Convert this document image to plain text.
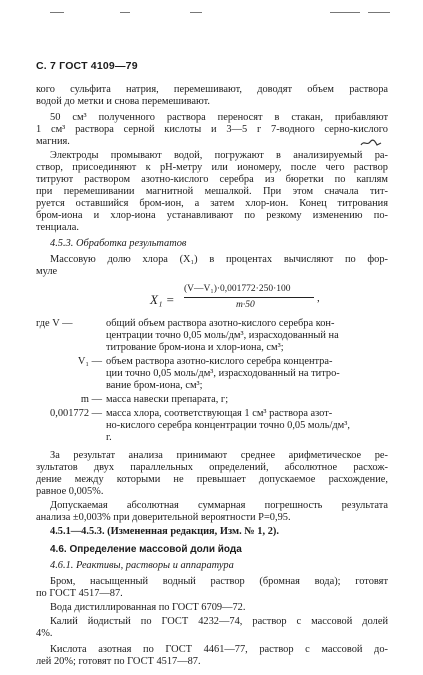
С. 7 ГОСТ 4109—79
кого сульфита натрия, перемешивают, доводят объем раствора
водой до метки и снова перемешивают.
50 см³ полученного раствора переносят в стакан, прибавляют
1 см³ раствора серной кислоты и 3—5 г 7-водного серно-кислого
магния.
Электроды промывают водой, погружают в анализируемый ра-
створ, присоединяют к рН-метру или иономеру, после чего раствор
титруют раствором азотно-кислого серебра из бюретки по каплям
при перемешивании магнитной мешалкой. При этом сначала тит-
руется оставшийся бром-ион, а затем хлор-ион. Конец титрования
бром-иона и хлор-иона устанавливают по резкому изменению по-
тенциала.
4.5.3. Обработка результатов
Массовую долю хлора (X₁) в процентах вычисляют по фор-
муле
X₁ =
(V—V₁)·0,001772·250·100
m·50
,
где V —	общий объем раствора азотно-кислого серебра кон-
центрации точно 0,05 моль/дм³, израсходованный на
титрование бром-иона и хлор-иона, см³;
V₁ — объем раствора азотно-кислого серебра концентра-
ции точно 0,05 моль/дм³, израсходованный на титро-
вание бром-иона, см³;
m — масса навески препарата, г;
0,001772 — масса хлора, соответствующая 1 см³ раствора азот-
но-кислого серебра концентрации точно 0,05 моль/дм³,
г.
За результат анализа принимают среднее арифметическое ре-
зультатов двух параллельных определений, абсолютное расхож-
дение между которыми не превышает допускаемое расхождение,
равное 0,005%.
Допускаемая абсолютная суммарная погрешность результата
анализа ±0,003% при доверительной вероятности P=0,95.
4.5.1—4.5.3. (Измененная редакция, Изм. № 1, 2).
4.6. Определение массовой доли йода
4.6.1. Реактивы, растворы и аппаратура
Бром, насыщенный водный раствор (бромная вода); готовят
по ГОСТ 4517—87.
Вода дистиллированная по ГОСТ 6709—72.
Калий йодистый по ГОСТ 4232—74, раствор с массовой долей
4%.
Кислота азотная по ГОСТ 4461—77, раствор с массовой до-
лей 20%; готовят по ГОСТ 4517—87.
